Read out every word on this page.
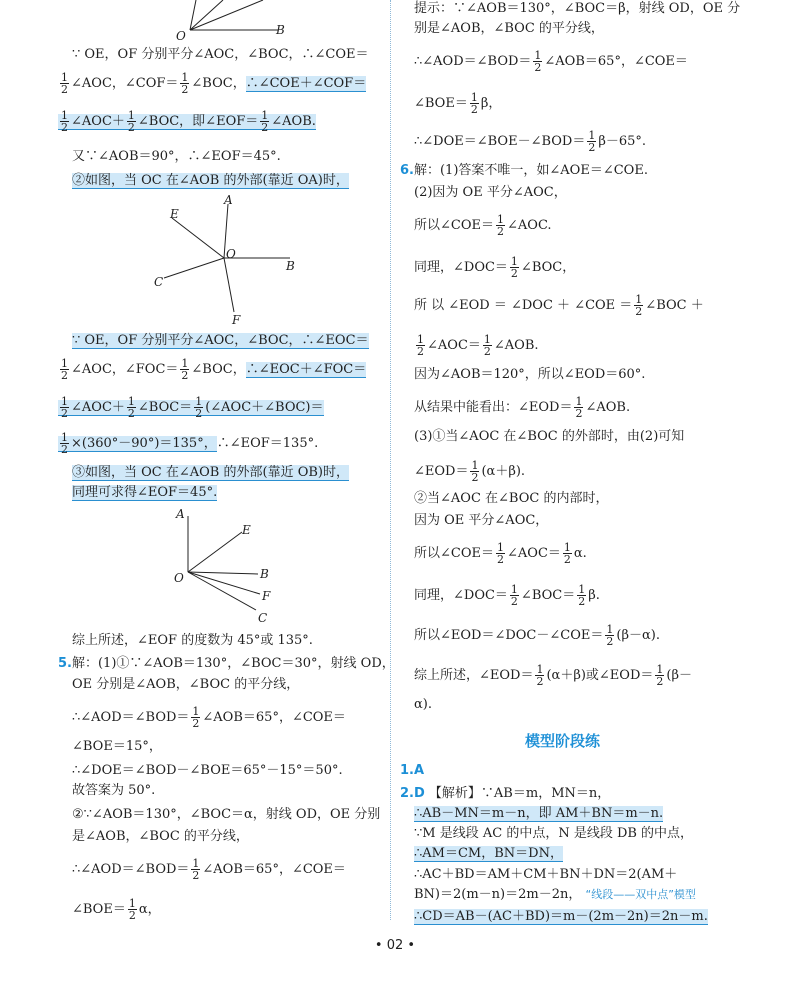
O	B
∵ OE，OF 分别平分∠AOC，∠BOC，∴∠COE＝
$\frac{1}{2}$ ∠AOC，∠COF＝ $\frac{1}{2}$ ∠BOC，∴∠COE＋∠COF＝
$\frac{1}{2}$ ∠AOC＋ $\frac{1}{2}$ ∠BOC，即∠EOF＝ $\frac{1}{2}$ ∠AOB.
又∵∠AOB＝90°，∴∠EOF＝45°.
②如图，当 OC 在∠AOB 的外部(靠近 OA)时，
A
E
O
B
C
F
∵ OE，OF 分别平分∠AOC，∠BOC，∴∠EOC＝
$\frac{1}{2}$ ∠AOC，∠FOC＝ $\frac{1}{2}$ ∠BOC，∴∠EOC＋∠FOC＝
$\frac{1}{2}$ ∠AOC＋ $\frac{1}{2}$ ∠BOC＝ $\frac{1}{2}$ (∠AOC＋∠BOC)＝
$\frac{1}{2} \times(360^\circ-90^\circ)=135^\circ$，∴∠EOF＝135°.
③如图，当 OC 在∠AOB 的外部(靠近 OB)时，
同理可求得∠EOF＝45°.
A
E
O	B
F
C
综上所述，∠EOF 的度数为 45°或 135°.
5.解：(1)①∵∠AOB＝130°，∠BOC＝30°，射线 OD，
OE 分别是∠AOB，∠BOC 的平分线，
∴∠AOD＝∠BOD＝ $\frac{1}{2}$ ∠AOB＝65°，∠COE＝
∠BOE＝15°，
∴∠DOE＝∠BOD－∠BOE＝65°－15°＝50°.
故答案为 50°.
②∵∠AOB＝130°，∠BOC＝α，射线 OD，OE 分别
是∠AOB，∠BOC 的平分线，
∴∠AOD＝∠BOD＝ $\frac{1}{2}$ ∠AOB＝65°，∠COE＝
∠BOE＝ $\frac{1}{2}$ α，
提示：∵∠AOB＝130°，∠BOC＝β，射线 OD，OE 分
别是∠AOB，∠BOC 的平分线，
∴∠AOD＝∠BOD＝ $\frac{1}{2}$ ∠AOB＝65°，∠COE＝
∠BOE＝ $\frac{1}{2}$ β，
∴∠DOE＝∠BOE－∠BOD＝ $\frac{1}{2} \beta-65^\circ$.
6.解：(1)答案不唯一，如∠AOE＝∠COE.
(2)因为 OE 平分∠AOC，
所以∠COE＝ $\frac{1}{2}$ ∠AOC.
同理，∠DOC＝ $\frac{1}{2}$ ∠BOC，
所 以 ∠EOD ＝ ∠DOC ＋ ∠COE ＝ $\frac{1}{2}$ ∠BOC ＋
$\frac{1}{2}$ ∠AOC＝ $\frac{1}{2}$ ∠AOB.
因为∠AOB＝120°，所以∠EOD＝60°.
从结果中能看出：∠EOD＝ $\frac{1}{2}$ ∠AOB.
(3)①当∠AOC 在∠BOC 的外部时，由(2)可知
∠EOD＝ $\frac{1}{2} (\alpha+\beta)$.
②当∠AOC 在∠BOC 的内部时，
因为 OE 平分∠AOC，
所以∠COE＝ $\frac{1}{2}$ ∠AOC＝ $\frac{1}{2} \alpha$.
同理，∠DOC＝ $\frac{1}{2}$ ∠BOC＝ $\frac{1}{2} \beta$.
所以∠EOD＝∠DOC－∠COE＝ $\frac{1}{2} (\beta-\alpha)$.
综上所述，∠EOD＝ $\frac{1}{2} (\alpha+\beta)$或∠EOD＝ $\frac{1}{2} (\beta-$
α).
模型阶段练
1.A
2.D 【解析】∵AB＝m，MN＝n，
∴AB－MN＝m－n，即 AM＋BN＝m－n.
∵M 是线段 AC 的中点，N 是线段 DB 的中点，
∴AM＝CM，BN＝DN，
∴AC＋BD＝AM＋CM＋BN＋DN＝2(AM＋
BN)＝2(m－n)＝2m－2n， “线段——双中点”模型
∴CD＝AB－(AC＋BD)＝m－(2m－2n)＝2n－m.
• 02 •
